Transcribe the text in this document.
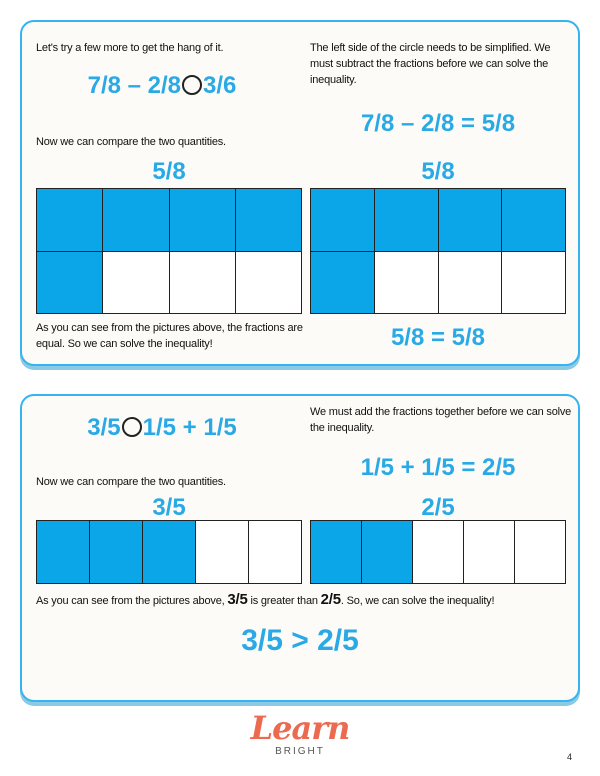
Let's try a few more to get the hang of it.
7/8 – 2/8 3/6
The left side of the circle needs to be simplified. We must subtract the fractions before we can solve the inequality.
7/8 – 2/8 = 5/8
Now we can compare the two quantities.
5/8	5/8
As you can see from the pictures above, the fractions are equal. So we can solve the inequality!	5/8 = 5/8
3/5 1/5 + 1/5
We must add the fractions together before we can solve the inequality.
1/5 + 1/5 = 2/5
Now we can compare the two quantities.
3/5	2/5
As you can see from the pictures above, 3/5 is greater than 2/5. So, we can solve the inequality!
3/5 > 2/5
Learn
BRIGHT	4
